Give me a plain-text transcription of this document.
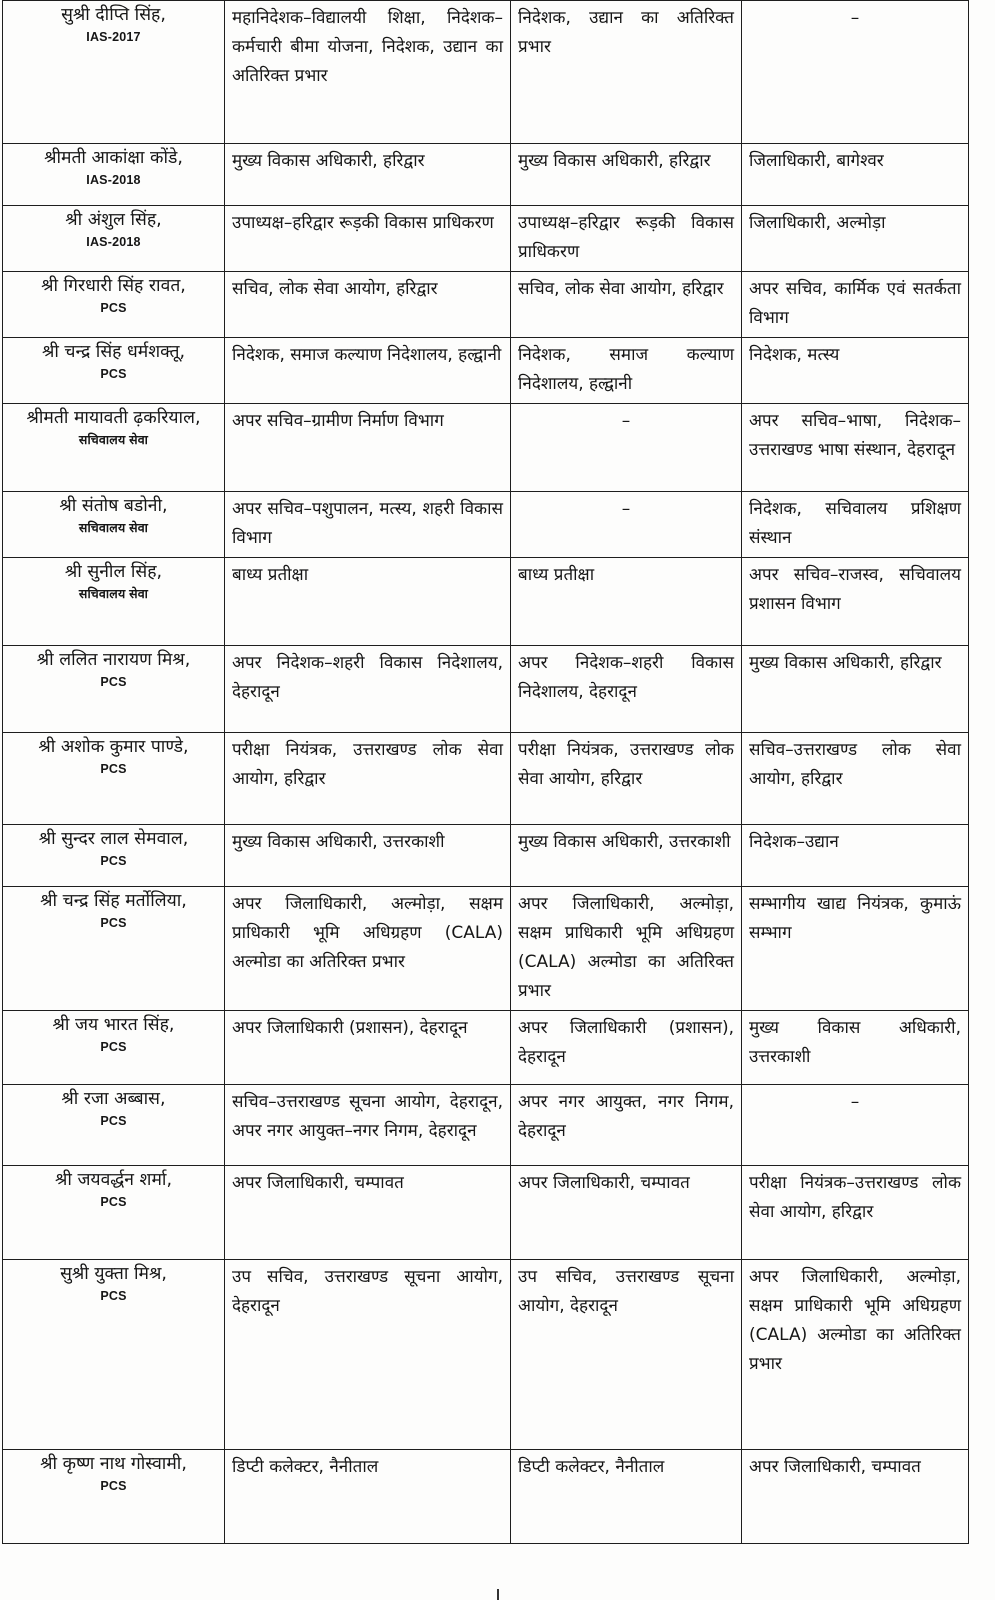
सुश्री दीप्ति सिंह,
IAS-2017	महानिदेशक–विद्यालयी शिक्षा, निदेशक–कर्मचारी बीमा योजना, निदेशक, उद्यान का अतिरिक्त प्रभार	निदेशक, उद्यान का अतिरिक्त प्रभार	–

श्रीमती आकांक्षा कोंडे,
IAS-2018	मुख्य विकास अधिकारी, हरिद्वार	मुख्य विकास अधिकारी, हरिद्वार	जिलाधिकारी, बागेश्वर

श्री अंशुल सिंह,
IAS-2018	उपाध्यक्ष–हरिद्वार रूड़की विकास प्राधिकरण	उपाध्यक्ष–हरिद्वार रूड़की विकास प्राधिकरण	जिलाधिकारी, अल्मोड़ा

श्री गिरधारी सिंह रावत,
PCS	सचिव, लोक सेवा आयोग, हरिद्वार	सचिव, लोक सेवा आयोग, हरिद्वार	अपर सचिव, कार्मिक एवं सतर्कता विभाग

श्री चन्द्र सिंह धर्मशक्तू,
PCS	निदेशक, समाज कल्याण निदेशालय, हल्द्वानी	निदेशक, समाज कल्याण निदेशालय, हल्द्वानी	निदेशक, मत्स्य

श्रीमती मायावती ढ़करियाल,
सचिवालय सेवा	अपर सचिव–ग्रामीण निर्माण विभाग	–	अपर सचिव–भाषा, निदेशक–उत्तराखण्ड भाषा संस्थान, देहरादून

श्री संतोष बडोनी,
सचिवालय सेवा	अपर सचिव–पशुपालन, मत्स्य, शहरी विकास विभाग	–	निदेशक, सचिवालय प्रशिक्षण संस्थान

श्री सुनील सिंह,
सचिवालय सेवा	बाध्य प्रतीक्षा	बाध्य प्रतीक्षा	अपर सचिव–राजस्व, सचिवालय प्रशासन विभाग

श्री ललित नारायण मिश्र,
PCS	अपर निदेशक–शहरी विकास निदेशालय, देहरादून	अपर निदेशक–शहरी विकास निदेशालय, देहरादून	मुख्य विकास अधिकारी, हरिद्वार

श्री अशोक कुमार पाण्डे,
PCS	परीक्षा नियंत्रक, उत्तराखण्ड लोक सेवा आयोग, हरिद्वार	परीक्षा नियंत्रक, उत्तराखण्ड लोक सेवा आयोग, हरिद्वार	सचिव–उत्तराखण्ड लोक सेवा आयोग, हरिद्वार

श्री सुन्दर लाल सेमवाल,
PCS	मुख्य विकास अधिकारी, उत्तरकाशी	मुख्य विकास अधिकारी, उत्तरकाशी	निदेशक–उद्यान

श्री चन्द्र सिंह मर्तोलिया,
PCS	अपर जिलाधिकारी, अल्मोड़ा, सक्षम प्राधिकारी भूमि अधिग्रहण (CALA) अल्मोडा का अतिरिक्त प्रभार	अपर जिलाधिकारी, अल्मोड़ा, सक्षम प्राधिकारी भूमि अधिग्रहण (CALA) अल्मोडा का अतिरिक्त प्रभार	सम्भागीय खाद्य नियंत्रक, कुमाऊं सम्भाग

श्री जय भारत सिंह,
PCS	अपर जिलाधिकारी (प्रशासन), देहरादून	अपर जिलाधिकारी (प्रशासन), देहरादून	मुख्य विकास अधिकारी, उत्तरकाशी

श्री रजा अब्बास,
PCS	सचिव–उत्तराखण्ड सूचना आयोग, देहरादून, अपर नगर आयुक्त–नगर निगम, देहरादून	अपर नगर आयुक्त, नगर निगम, देहरादून	–

श्री जयवर्द्धन शर्मा,
PCS	अपर जिलाधिकारी, चम्पावत	अपर जिलाधिकारी, चम्पावत	परीक्षा नियंत्रक–उत्तराखण्ड लोक सेवा आयोग, हरिद्वार

सुश्री युक्ता मिश्र,
PCS	उप सचिव, उत्तराखण्ड सूचना आयोग, देहरादून	उप सचिव, उत्तराखण्ड सूचना आयोग, देहरादून	अपर जिलाधिकारी, अल्मोड़ा, सक्षम प्राधिकारी भूमि अधिग्रहण (CALA) अल्मोडा का अतिरिक्त प्रभार

श्री कृष्ण नाथ गोस्वामी,
PCS	डिप्टी कलेक्टर, नैनीताल	डिप्टी कलेक्टर, नैनीताल	अपर जिलाधिकारी, चम्पावत
